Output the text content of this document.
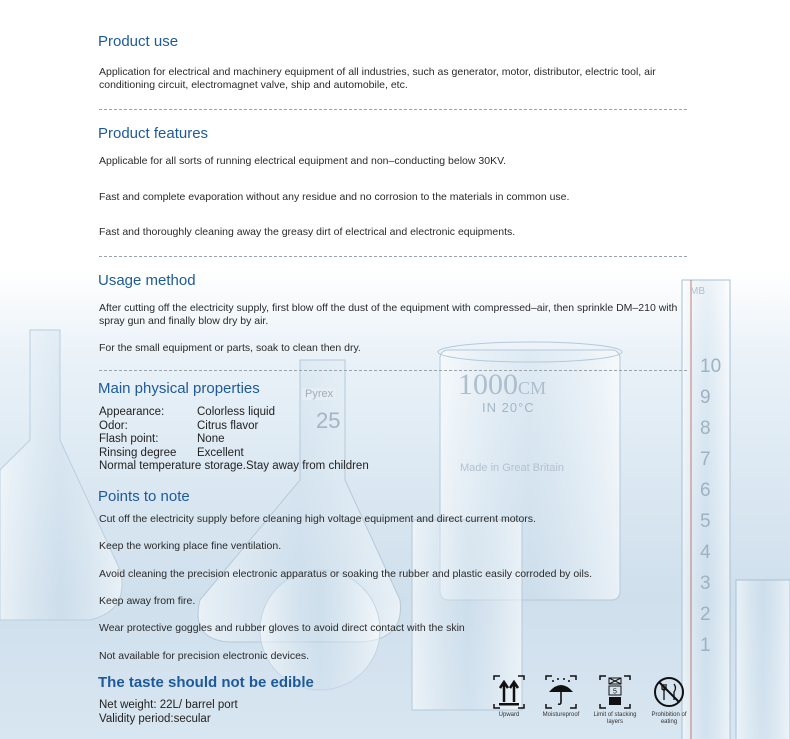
1000CM
IN 20°C
Made in Great Britain
Pyrex
25
MB
10
9
8
7
6
5
4
3
2
1
Product use

Application for electrical and machinery equipment of all industries, such as generator, motor, distributor, electric tool, air conditioning circuit, electromagnet valve, ship and automobile, etc.

Product features

Applicable for all sorts of running electrical equipment and non–conducting below 30KV.

Fast and complete evaporation without any residue and no corrosion to the materials in common use.

Fast and thoroughly cleaning away the greasy dirt of electrical and electronic equipments.

Usage method

After cutting off the electricity supply, first blow off the dust of the equipment with compressed–air, then sprinkle DM–210 with spray gun and finally blow dry by air.

For the small equipment or parts, soak to clean then dry.

Main physical properties
Appearance:	Colorless liquid
Odor:	Citrus flavor
Flash point:	None
Rinsing degree	Excellent
Normal temperature storage.Stay away from children
Points to note

Cut off the electricity supply before cleaning high voltage equipment and direct current motors.

Keep the working place fine ventilation.

Avoid cleaning the precision electronic apparatus or soaking the rubber and plastic easily corroded by oils.

Keep away from fire.

Wear protective goggles and rubber gloves to avoid direct contact with the skin

Not available for precision electronic devices.

The taste should not be edible
Net weight: 22L/ barrel port
Validity period:secular	Upward	Moistureproof
5
Limit of stacking layers
Prohibition of eating
